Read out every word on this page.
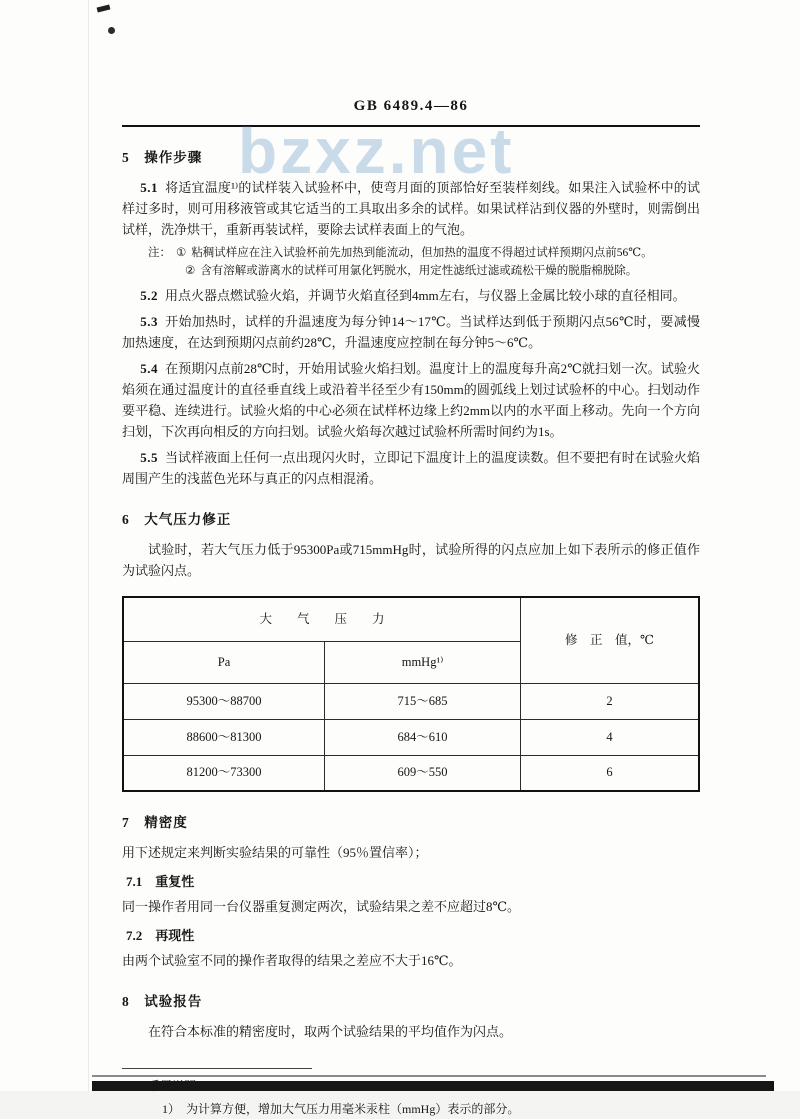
bzxz.net
GB 6489.4—86
5　操作步骤

5.1 将适宜温度¹⁾的试样装入试验杯中，使弯月面的顶部恰好至装样刻线。如果注入试验杯中的试样过多时，则可用移液管或其它适当的工具取出多余的试样。如果试样沾到仪器的外壁时，则需倒出试样，洗净烘干，重新再装试样，要除去试样表面上的气泡。

注： ① 粘稠试样应在注入试验杯前先加热到能流动，但加热的温度不得超过试样预期闪点前56℃。
② 含有溶解或游离水的试样可用氯化钙脱水，用定性滤纸过滤或疏松干燥的脱脂棉脱除。

5.2 用点火器点燃试验火焰，并调节火焰直径到4mm左右，与仪器上金属比较小球的直径相同。

5.3 开始加热时，试样的升温速度为每分钟14～17℃。当试样达到低于预期闪点56℃时，要减慢加热速度，在达到预期闪点前约28℃，升温速度应控制在每分钟5～6℃。

5.4 在预期闪点前28℃时，开始用试验火焰扫划。温度计上的温度每升高2℃就扫划一次。试验火焰须在通过温度计的直径垂直线上或沿着半径至少有150mm的圆弧线上划过试验杯的中心。扫划动作要平稳、连续进行。试验火焰的中心必须在试样杯边缘上约2mm以内的水平面上移动。先向一个方向扫划，下次再向相反的方向扫划。试验火焰每次越过试验杯所需时间约为1s。

5.5 当试样液面上任何一点出现闪火时，立即记下温度计上的温度读数。但不要把有时在试验火焰周围产生的浅蓝色光环与真正的闪点相混淆。

6　大气压力修正

试验时，若大气压力低于95300Pa或715mmHg时，试验所得的闪点应加上如下表所示的修正值作为试验闪点。

大　　气　　压　　力		修　正　值，℃
Pa	mmHg¹⁾	
95300～88700	715～685	2
88600～81300	684～610	4
81200～73300	609～550	6
7　精密度

用下述规定来判断实验结果的可靠性（95％置信率）；

7.1　重复性

同一操作者用同一台仪器重复测定两次，试验结果之差不应超过8℃。

7.2　再现性

由两个试验室不同的操作者取得的结果之差应不大于16℃。

8　试验报告

在符合本标准的精密度时，取两个试验结果的平均值作为闪点。

1）　为计算方便，增加大气压力用毫米汞柱（mmHg）表示的部分。
